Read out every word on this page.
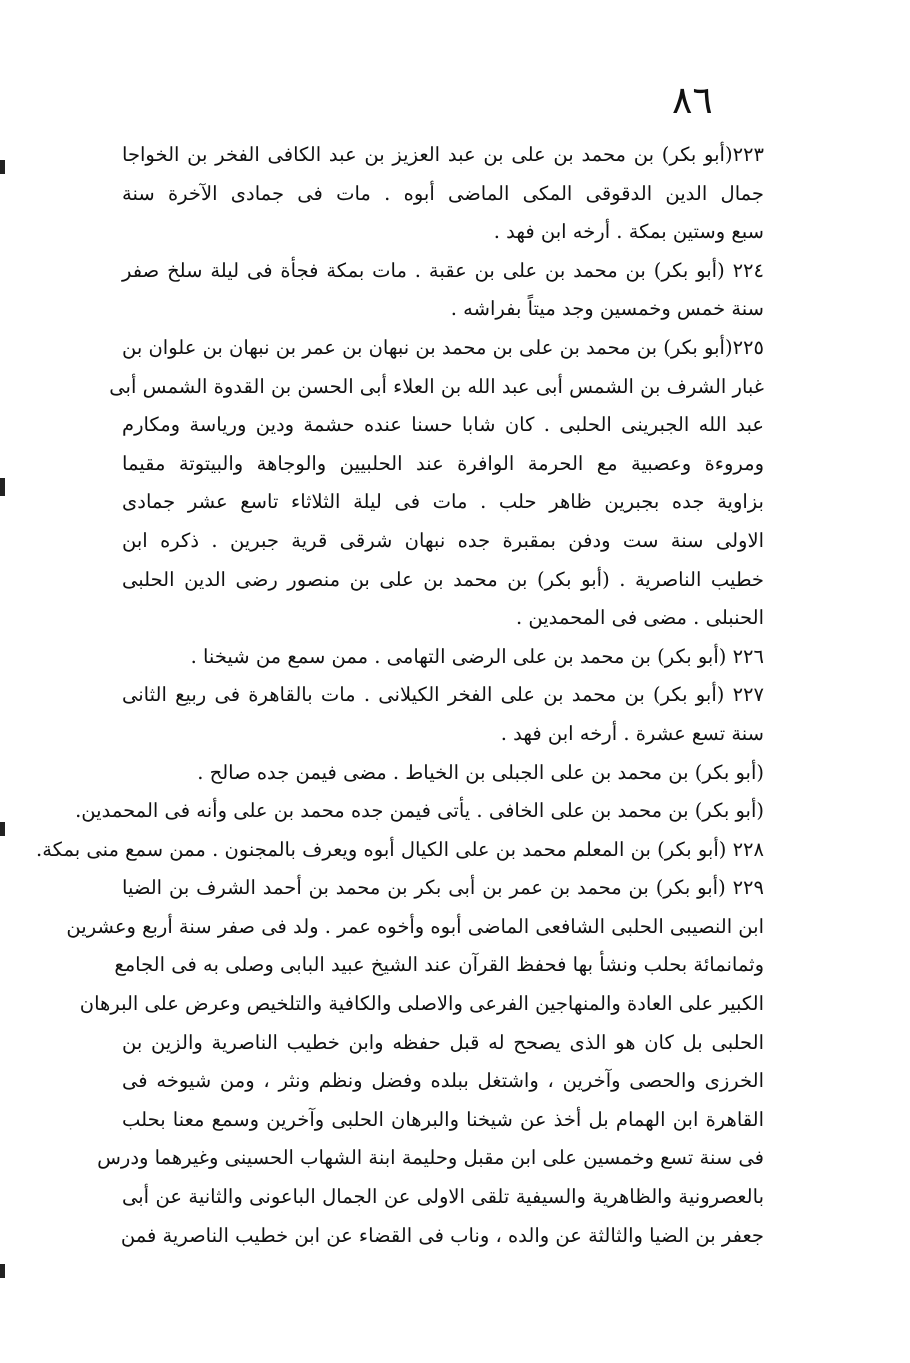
٨٦
٢٢٣(أبو بكر) بن محمد بن على بن عبد العزيز بن عبد الكافى الفخر بن الخواجا
جمال الدين الدقوقى المكى الماضى أبوه . مات فى جمادى الآخرة سنة
سبع وستين بمكة . أرخه ابن فهد .
٢٢٤ (أبو بكر) بن محمد بن على بن عقبة . مات بمكة فجأة فى ليلة سلخ صفر
سنة خمس وخمسين وجد ميتاً بفراشه .
٢٢٥(أبو بكر) بن محمد بن على بن محمد بن نبهان بن عمر بن نبهان بن علوان بن
غبار الشرف بن الشمس أبى عبد الله بن العلاء أبى الحسن بن القدوة الشمس أبى
عبد الله الجبرينى الحلبى . كان شابا حسنا عنده حشمة ودين ورياسة ومكارم
ومروءة وعصبية مع الحرمة الوافرة عند الحلبيين والوجاهة والبيتوتة مقيما
بزاوية جده بجبرين ظاهر حلب . مات فى ليلة الثلاثاء تاسع عشر جمادى
الاولى سنة ست ودفن بمقبرة جده نبهان شرقى قرية جبرين . ذكره ابن
خطيب الناصرية . (أبو بكر) بن محمد بن على بن منصور رضى الدين الحلبى
الحنبلى . مضى فى المحمدين .
٢٢٦ (أبو بكر) بن محمد بن على الرضى التهامى . ممن سمع من شيخنا .
٢٢٧ (أبو بكر) بن محمد بن على الفخر الكيلانى . مات بالقاهرة فى ربيع الثانى
سنة تسع عشرة . أرخه ابن فهد .
(أبو بكر) بن محمد بن على الجبلى بن الخياط . مضى فيمن جده صالح .
(أبو بكر) بن محمد بن على الخافى . يأتى فيمن جده محمد بن على وأنه فى المحمدين.
٢٢٨ (أبو بكر) بن المعلم محمد بن على الكيال أبوه ويعرف بالمجنون . ممن سمع منى بمكة.
٢٢٩ (أبو بكر) بن محمد بن عمر بن أبى بكر بن محمد بن أحمد الشرف بن الضيا
ابن النصيبى الحلبى الشافعى الماضى أبوه وأخوه عمر . ولد فى صفر سنة أربع وعشرين
وثمانمائة بحلب ونشأ بها فحفظ القرآن عند الشيخ عبيد البابى وصلى به فى الجامع
الكبير على العادة والمنهاجين الفرعى والاصلى والكافية والتلخيص وعرض على البرهان
الحلبى بل كان هو الذى يصحح له قبل حفظه وابن خطيب الناصرية والزين بن
الخرزى والحصى وآخرين ، واشتغل ببلده وفضل ونظم ونثر ، ومن شيوخه فى
القاهرة ابن الهمام بل أخذ عن شيخنا والبرهان الحلبى وآخرين وسمع معنا بحلب
فى سنة تسع وخمسين على ابن مقبل وحليمة ابنة الشهاب الحسينى وغيرهما ودرس
بالعصرونية والظاهرية والسيفية تلقى الاولى عن الجمال الباعونى والثانية عن أبى
جعفر بن الضيا والثالثة عن والده ، وناب فى القضاء عن ابن خطيب الناصرية فمن
